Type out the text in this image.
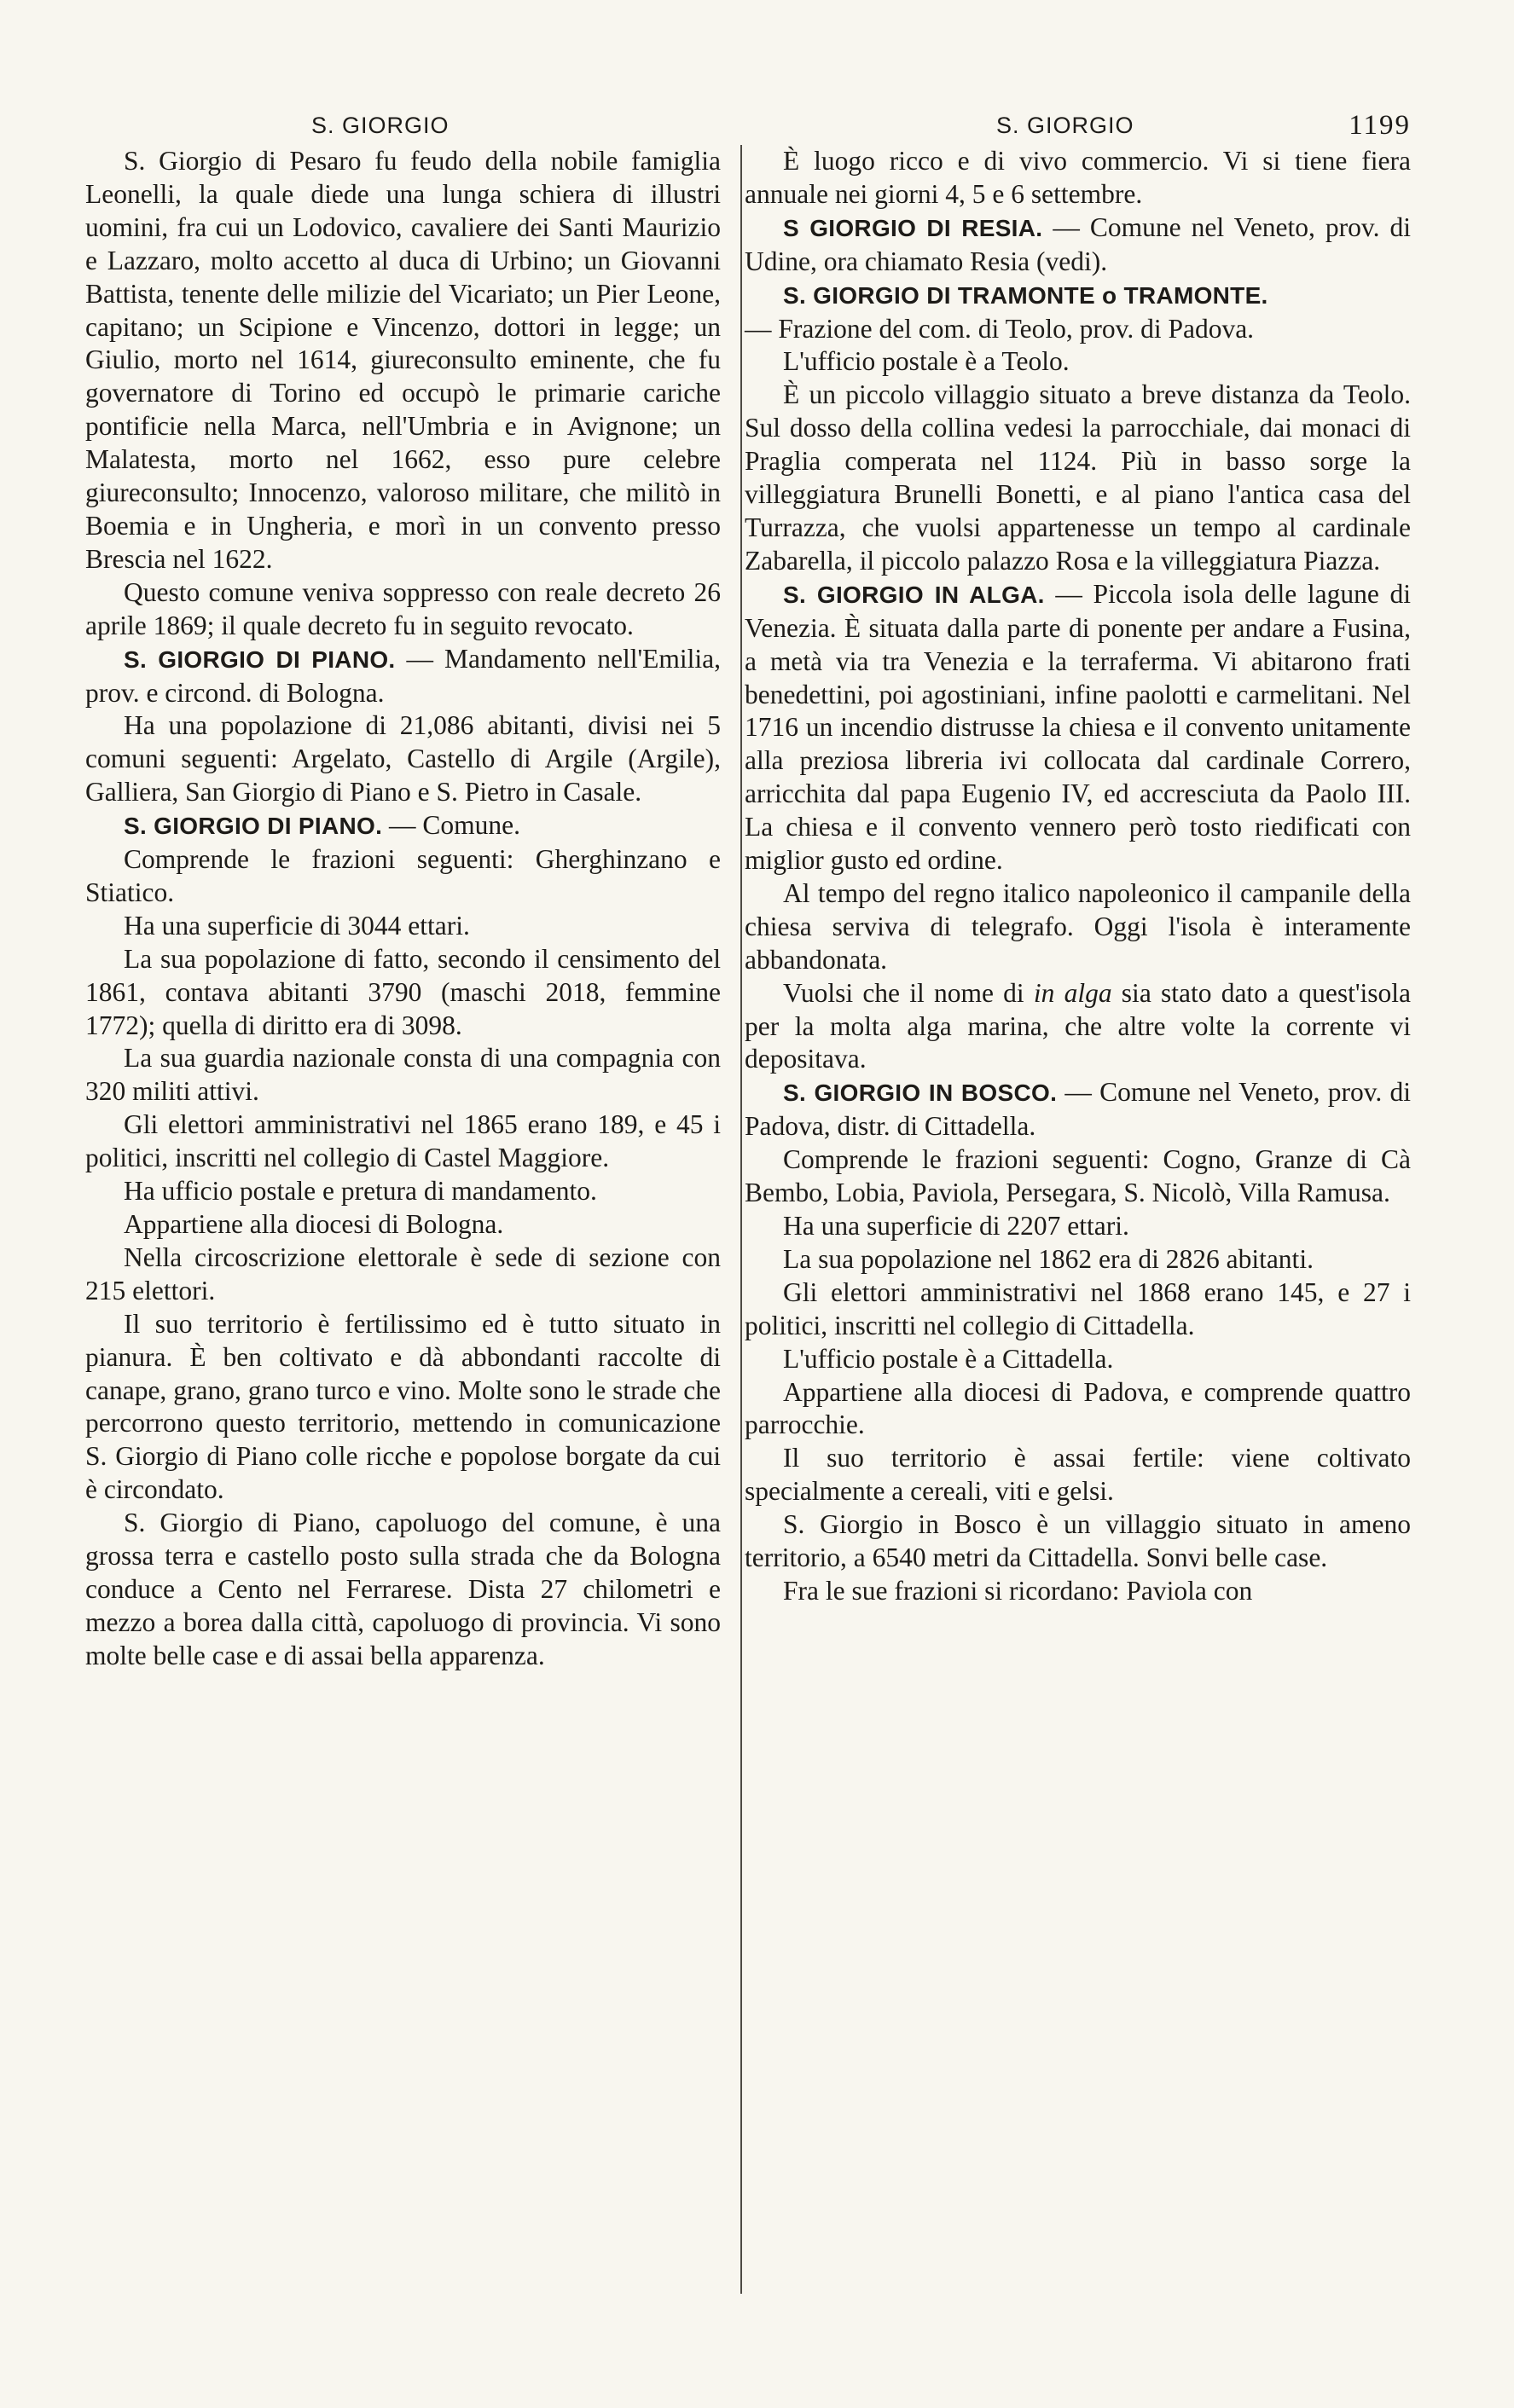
S. GIORGIO

S. Giorgio di Pesaro fu feudo della nobile famiglia Leonelli, la quale diede una lunga schiera di illustri uomini, fra cui un Lodovico, cavaliere dei Santi Maurizio e Lazzaro, molto accetto al duca di Urbino; un Giovanni Battista, tenente delle milizie del Vicariato; un Pier Leone, capitano; un Scipione e Vincenzo, dottori in legge; un Giulio, morto nel 1614, giureconsulto eminente, che fu governatore di Torino ed occupò le primarie cariche pontificie nella Marca, nell'Umbria e in Avignone; un Malatesta, morto nel 1662, esso pure celebre giureconsulto; Innocenzo, valoroso militare, che militò in Boemia e in Ungheria, e morì in un convento presso Brescia nel 1622.

Questo comune veniva soppresso con reale decreto 26 aprile 1869; il quale decreto fu in seguito revocato.

S. GIORGIO DI PIANO. — Mandamento nell'Emilia, prov. e circond. di Bologna.

Ha una popolazione di 21,086 abitanti, divisi nei 5 comuni seguenti: Argelato, Castello di Argile (Argile), Galliera, San Giorgio di Piano e S. Pietro in Casale.

S. GIORGIO DI PIANO. — Comune.

Comprende le frazioni seguenti: Gherghinzano e Stiatico.

Ha una superficie di 3044 ettari.

La sua popolazione di fatto, secondo il censimento del 1861, contava abitanti 3790 (maschi 2018, femmine 1772); quella di diritto era di 3098.

La sua guardia nazionale consta di una compagnia con 320 militi attivi.

Gli elettori amministrativi nel 1865 erano 189, e 45 i politici, inscritti nel collegio di Castel Maggiore.

Ha ufficio postale e pretura di mandamento.

Appartiene alla diocesi di Bologna.

Nella circoscrizione elettorale è sede di sezione con 215 elettori.

Il suo territorio è fertilissimo ed è tutto situato in pianura. È ben coltivato e dà abbondanti raccolte di canape, grano, grano turco e vino. Molte sono le strade che percorrono questo territorio, mettendo in comunicazione S. Giorgio di Piano colle ricche e popolose borgate da cui è circondato.

S. Giorgio di Piano, capoluogo del comune, è una grossa terra e castello posto sulla strada che da Bologna conduce a Cento nel Ferrarese. Dista 27 chilometri e mezzo a borea dalla città, capoluogo di provincia. Vi sono molte belle case e di assai bella apparenza.

S. GIORGIO	1199

È luogo ricco e di vivo commercio. Vi si tiene fiera annuale nei giorni 4, 5 e 6 settembre.

S GIORGIO DI RESIA. — Comune nel Veneto, prov. di Udine, ora chiamato Resia (vedi).

S. GIORGIO DI TRAMONTE o TRAMONTE.

— Frazione del com. di Teolo, prov. di Padova.

L'ufficio postale è a Teolo.

È un piccolo villaggio situato a breve distanza da Teolo. Sul dosso della collina vedesi la parrocchiale, dai monaci di Praglia comperata nel 1124. Più in basso sorge la villeggiatura Brunelli Bonetti, e al piano l'antica casa del Turrazza, che vuolsi appartenesse un tempo al cardinale Zabarella, il piccolo palazzo Rosa e la villeggiatura Piazza.

S. GIORGIO IN ALGA. — Piccola isola delle lagune di Venezia. È situata dalla parte di ponente per andare a Fusina, a metà via tra Venezia e la terraferma. Vi abitarono frati benedettini, poi agostiniani, infine paolotti e carmelitani. Nel 1716 un incendio distrusse la chiesa e il convento unitamente alla preziosa libreria ivi collocata dal cardinale Correro, arricchita dal papa Eugenio IV, ed accresciuta da Paolo III. La chiesa e il convento vennero però tosto riedificati con miglior gusto ed ordine.

Al tempo del regno italico napoleonico il campanile della chiesa serviva di telegrafo. Oggi l'isola è interamente abbandonata.

Vuolsi che il nome di in alga sia stato dato a quest'isola per la molta alga marina, che altre volte la corrente vi depositava.

S. GIORGIO IN BOSCO. — Comune nel Veneto, prov. di Padova, distr. di Cittadella.

Comprende le frazioni seguenti: Cogno, Granze di Cà Bembo, Lobia, Paviola, Persegara, S. Nicolò, Villa Ramusa.

Ha una superficie di 2207 ettari.

La sua popolazione nel 1862 era di 2826 abitanti.

Gli elettori amministrativi nel 1868 erano 145, e 27 i politici, inscritti nel collegio di Cittadella.

L'ufficio postale è a Cittadella.

Appartiene alla diocesi di Padova, e comprende quattro parrocchie.

Il suo territorio è assai fertile: viene coltivato specialmente a cereali, viti e gelsi.

S. Giorgio in Bosco è un villaggio situato in ameno territorio, a 6540 metri da Cittadella. Sonvi belle case.

Fra le sue frazioni si ricordano: Paviola con
